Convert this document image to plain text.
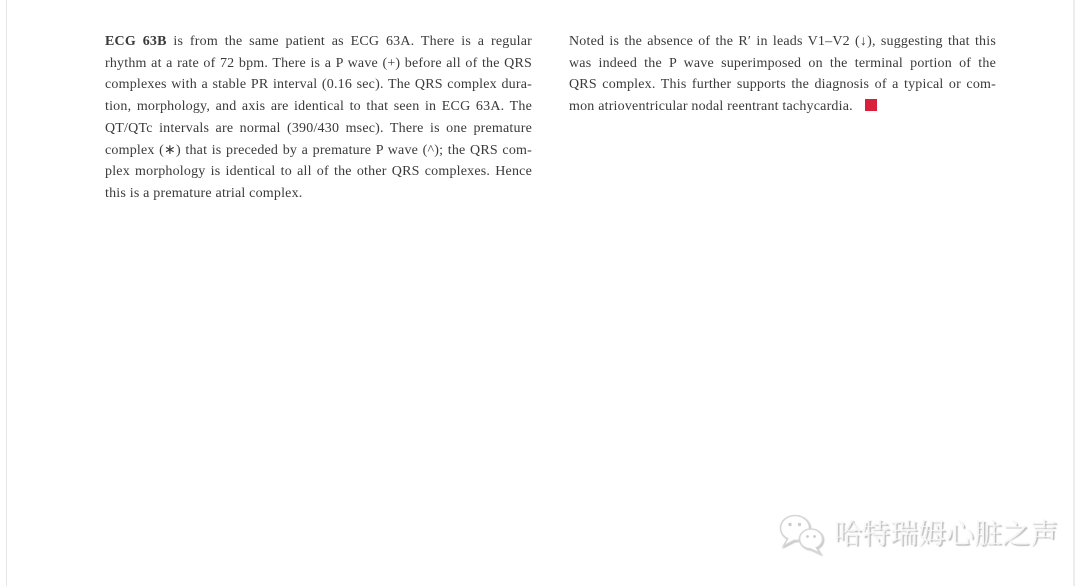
ECG 63B is from the same patient as ECG 63A. There is a regular
rhythm at a rate of 72 bpm. There is a P wave (+) before all of the QRS
complexes with a stable PR interval (0.16 sec). The QRS complex dura-
tion, morphology, and axis are identical to that seen in ECG 63A. The
QT/QTc intervals are normal (390/430 msec). There is one premature
complex (∗) that is preceded by a premature P wave (^); the QRS com-
plex morphology is identical to all of the other QRS complexes. Hence
this is a premature atrial complex.
Noted is the absence of the R′ in leads V1–V2 (↓), suggesting that this
was indeed the P wave superimposed on the terminal portion of the
QRS complex. This further supports the diagnosis of a typical or com-
mon atrioventricular nodal reentrant tachycardia.
哈特瑞姆心脏之声
